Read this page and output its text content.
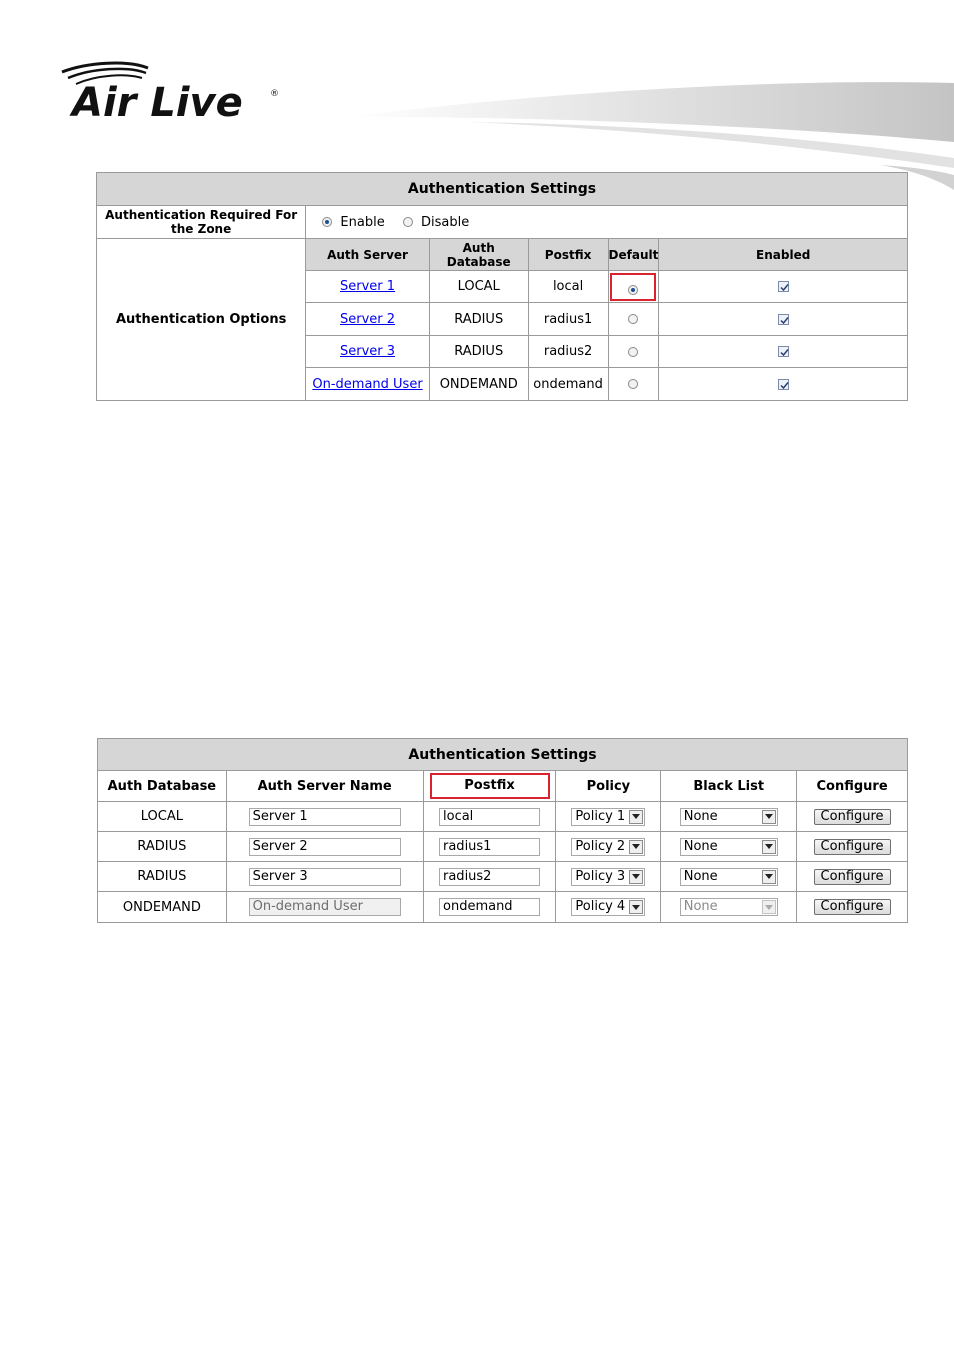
Air Live	®
Authentication Settings					
Authentication Required For the Zone	Enable Disable				
Authentication Options	Auth Server	Auth Database	Postfix	Default	Enabled
	Server 1	LOCAL	local		

	Server 2	RADIUS	radius1		

	Server 3	RADIUS	radius2		

	On-demand User	ONDEMAND	ondemand		
Authentication Settings					
Auth Database	Auth Server Name	Postfix	Policy	Black List	Configure
LOCAL	Server 1	local	Policy 1	None	Configure
RADIUS	Server 2	radius1	Policy 2	None	Configure
RADIUS	Server 3	radius2	Policy 3	None	Configure
ONDEMAND	On-demand User	ondemand	Policy 4	None	Configure
